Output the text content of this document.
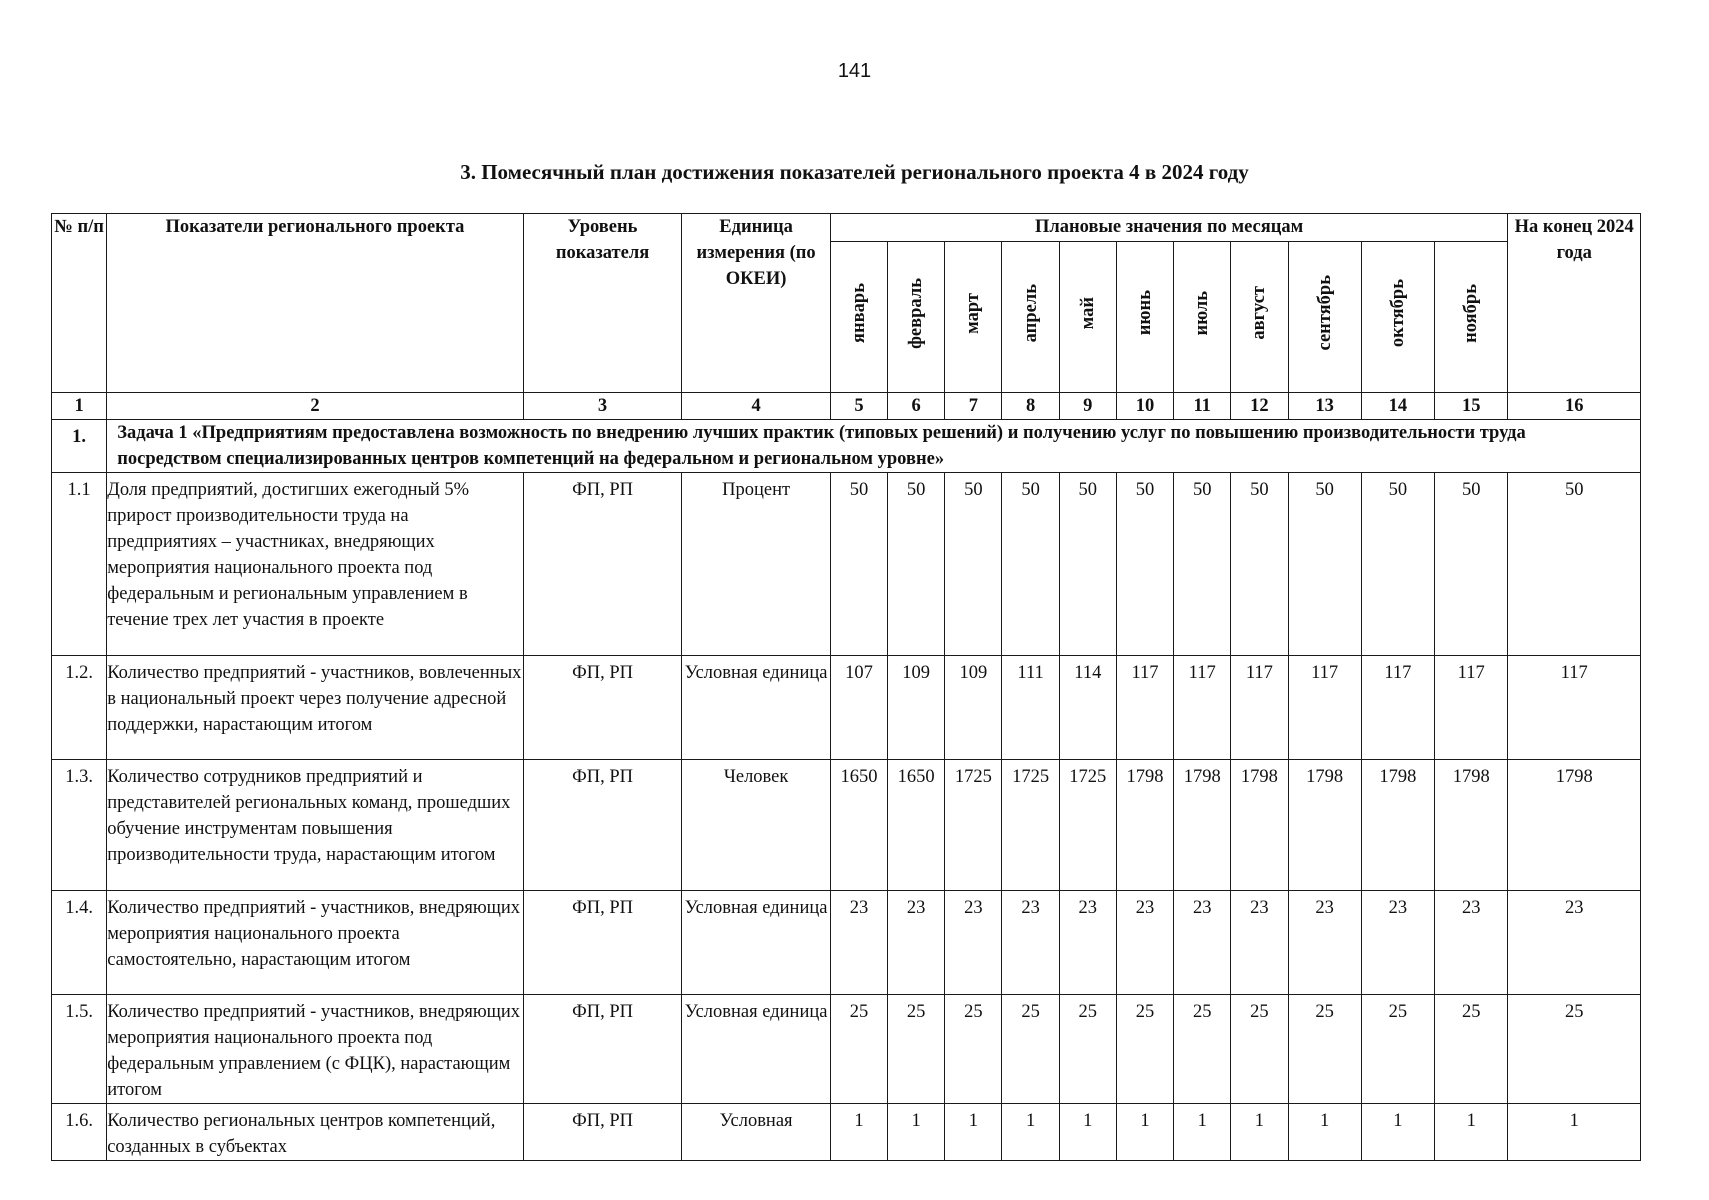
141
3. Помесячный план достижения показателей регионального проекта 4 в 2024 году
№ п/п	Показатели регионального проекта	Уровень показателя	Единица измерения (по ОКЕИ)	Плановые значения по месяцам											На конец 2024 года
				январь	февраль	март	апрель	май	июнь	июль	август	сентябрь	октябрь	ноябрь	
1	2	3	4	5	6	7	8	9	10	11	12	13	14	15	16
1.	Задача 1 «Предприятиям предоставлена возможность по внедрению лучших практик (типовых решений) и получению услуг по повышению производительности труда посредством специализированных центров компетенций на федеральном и региональном уровне»														
1.1	Доля предприятий, достигших ежегодный 5% прирост производительности труда на предприятиях – участниках, внедряющих мероприятия национального проекта под федеральным и региональным управлением в течение трех лет участия в проекте	ФП, РП	Процент	50	50	50	50	50	50	50	50	50	50	50	50
1.2.	Количество предприятий - участников, вовлеченных в национальный проект через получение адресной поддержки, нарастающим итогом	ФП, РП	Условная единица	107	109	109	111	114	117	117	117	117	117	117	117
1.3.	Количество сотрудников предприятий и представителей региональных команд, прошедших обучение инструментам повышения производительности труда, нарастающим итогом	ФП, РП	Человек	1650	1650	1725	1725	1725	1798	1798	1798	1798	1798	1798	1798
1.4.	Количество предприятий - участников, внедряющих мероприятия национального проекта самостоятельно, нарастающим итогом	ФП, РП	Условная единица	23	23	23	23	23	23	23	23	23	23	23	23
1.5.	Количество предприятий - участников, внедряющих мероприятия национального проекта под федеральным управлением (с ФЦК), нарастающим итогом	ФП, РП	Условная единица	25	25	25	25	25	25	25	25	25	25	25	25
1.6.	Количество региональных центров компетенций, созданных в субъектах	ФП, РП	Условная	1	1	1	1	1	1	1	1	1	1	1	1
